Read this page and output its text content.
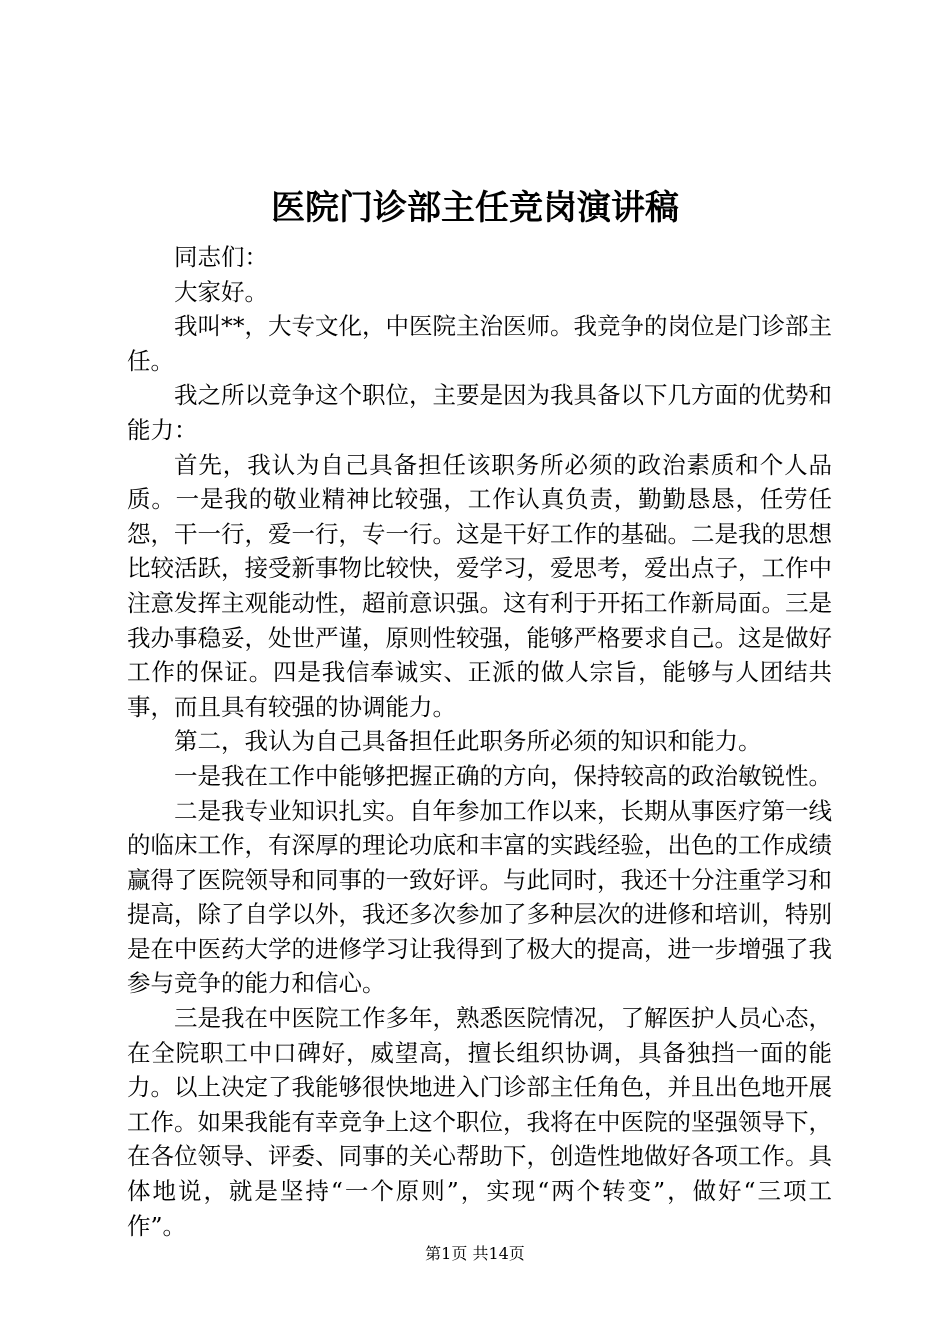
医院门诊部主任竞岗演讲稿

同志们：

大家好。

我叫**，大专文化，中医院主治医师。我竞争的岗位是门诊部主任。

我之所以竞争这个职位，主要是因为我具备以下几方面的优势和能力：

首先，我认为自己具备担任该职务所必须的政治素质和个人品质。一是我的敬业精神比较强，工作认真负责，勤勤恳恳，任劳任怨，干一行，爱一行，专一行。这是干好工作的基础。二是我的思想比较活跃，接受新事物比较快，爱学习，爱思考，爱出点子，工作中注意发挥主观能动性，超前意识强。这有利于开拓工作新局面。三是我办事稳妥，处世严谨，原则性较强，能够严格要求自己。这是做好工作的保证。四是我信奉诚实、正派的做人宗旨，能够与人团结共事，而且具有较强的协调能力。

第二，我认为自己具备担任此职务所必须的知识和能力。

一是我在工作中能够把握正确的方向，保持较高的政治敏锐性。

二是我专业知识扎实。自年参加工作以来，长期从事医疗第一线的临床工作，有深厚的理论功底和丰富的实践经验，出色的工作成绩赢得了医院领导和同事的一致好评。与此同时，我还十分注重学习和提高，除了自学以外，我还多次参加了多种层次的进修和培训，特别是在中医药大学的进修学习让我得到了极大的提高，进一步增强了我参与竞争的能力和信心。

三是我在中医院工作多年，熟悉医院情况，了解医护人员心态，在全院职工中口碑好，威望高，擅长组织协调，具备独挡一面的能力。以上决定了我能够很快地进入门诊部主任角色，并且出色地开展工作。如果我能有幸竞争上这个职位，我将在中医院的坚强领导下，在各位领导、评委、同事的关心帮助下，创造性地做好各项工作。具体地说，就是坚持“一个原则”，实现“两个转变”，做好“三项工作”。

第1页 共14页
